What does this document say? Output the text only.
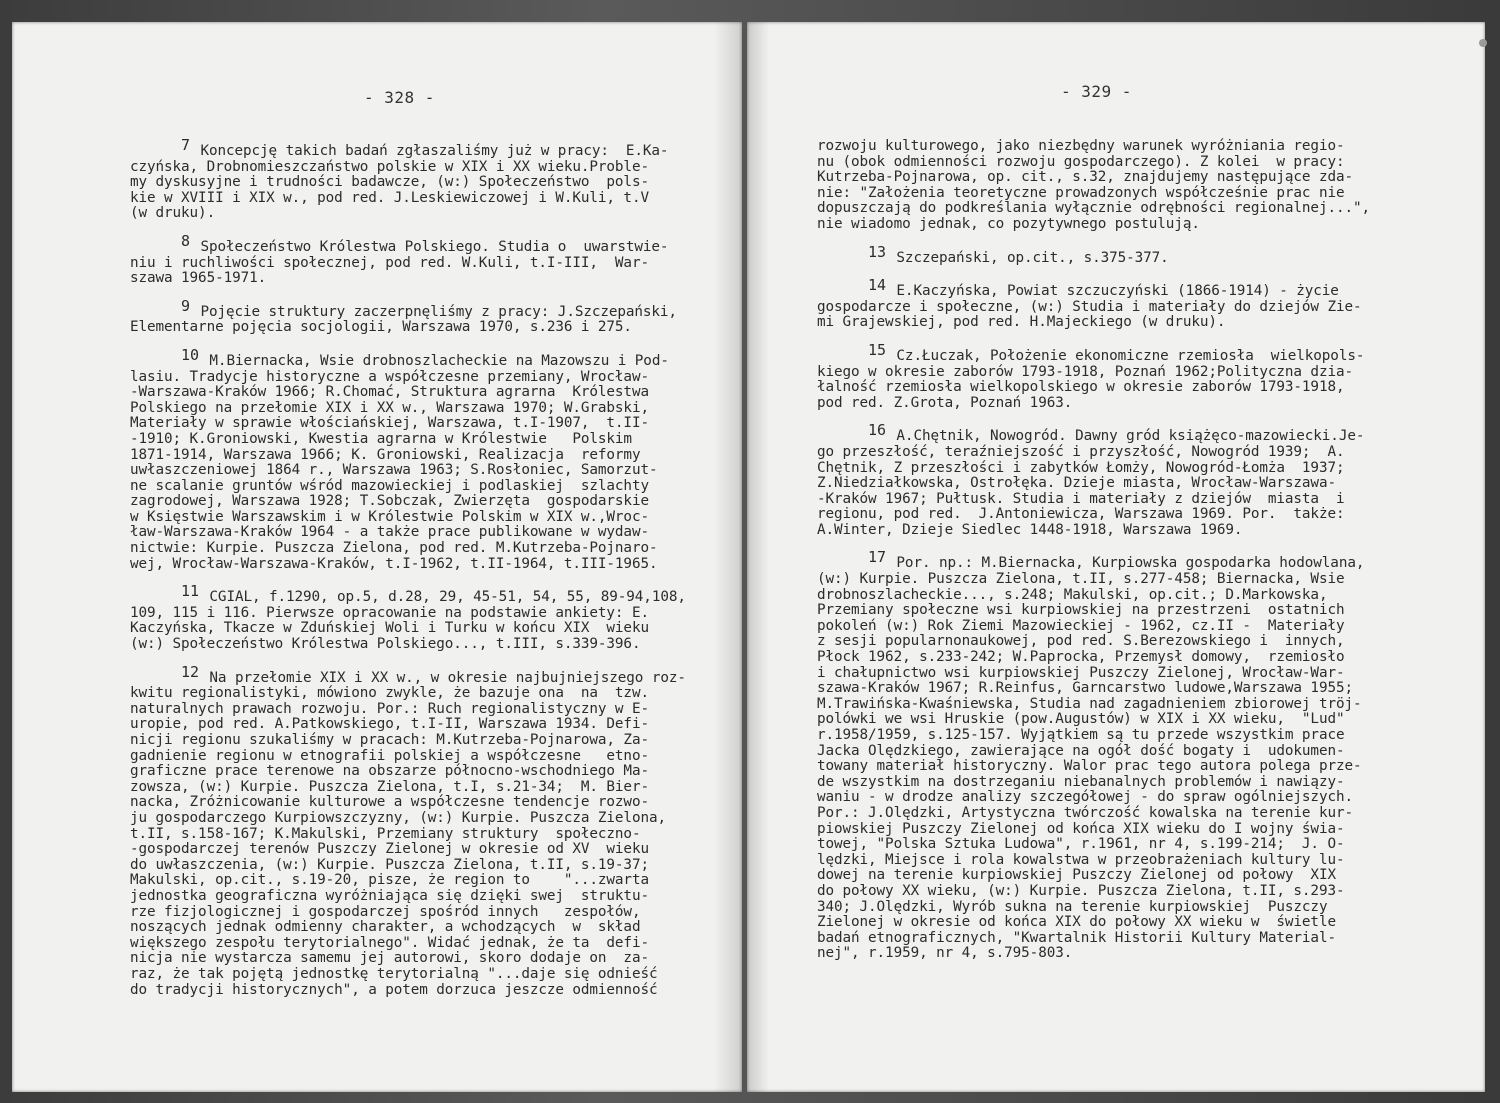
- 328 -
7 Koncepcję takich badań zgłaszaliśmy już w pracy:  E.Ka-
czyńska, Drobnomieszczaństwo polskie w XIX i XX wieku.Proble-
my dyskusyjne i trudności badawcze, (w:) Społeczeństwo  pols-
kie w XVIII i XIX w., pod red. J.Leskiewiczowej i W.Kuli, t.V
(w druku).
8 Społeczeństwo Królestwa Polskiego. Studia o  uwarstwie-
niu i ruchliwości społecznej, pod red. W.Kuli, t.I-III,  War-
szawa 1965-1971.
9 Pojęcie struktury zaczerpnęliśmy z pracy: J.Szczepański,
Elementarne pojęcia socjologii, Warszawa 1970, s.236 i 275.
10 M.Biernacka, Wsie drobnoszlacheckie na Mazowszu i Pod-
lasiu. Tradycje historyczne a współczesne przemiany, Wrocław-
-Warszawa-Kraków 1966; R.Chomać, Struktura agrarna  Królestwa
Polskiego na przełomie XIX i XX w., Warszawa 1970; W.Grabski,
Materiały w sprawie włościańskiej, Warszawa, t.I-1907,  t.II-
-1910; K.Groniowski, Kwestia agrarna w Królestwie   Polskim
1871-1914, Warszawa 1966; K. Groniowski, Realizacja  reformy
uwłaszczeniowej 1864 r., Warszawa 1963; S.Rosłoniec, Samorzut-
ne scalanie gruntów wśród mazowieckiej i podlaskiej  szlachty
zagrodowej, Warszawa 1928; T.Sobczak, Zwierzęta  gospodarskie
w Księstwie Warszawskim i w Królestwie Polskim w XIX w.,Wroc-
ław-Warszawa-Kraków 1964 - a także prace publikowane w wydaw-
nictwie: Kurpie. Puszcza Zielona, pod red. M.Kutrzeba-Pojnaro-
wej, Wrocław-Warszawa-Kraków, t.I-1962, t.II-1964, t.III-1965.
11 CGIAL, f.1290, op.5, d.28, 29, 45-51, 54, 55, 89-94,108,
109, 115 i 116. Pierwsze opracowanie na podstawie ankiety: E.
Kaczyńska, Tkacze w Zduńskiej Woli i Turku w końcu XIX  wieku
(w:) Społeczeństwo Królestwa Polskiego..., t.III, s.339-396.
12 Na przełomie XIX i XX w., w okresie najbujniejszego roz-
kwitu regionalistyki, mówiono zwykle, że bazuje ona  na  tzw.
naturalnych prawach rozwoju. Por.: Ruch regionalistyczny w E-
uropie, pod red. A.Patkowskiego, t.I-II, Warszawa 1934. Defi-
nicji regionu szukaliśmy w pracach: M.Kutrzeba-Pojnarowa, Za-
gadnienie regionu w etnografii polskiej a współczesne   etno-
graficzne prace terenowe na obszarze północno-wschodniego Ma-
zowsza, (w:) Kurpie. Puszcza Zielona, t.I, s.21-34;  M. Bier-
nacka, Zróżnicowanie kulturowe a współczesne tendencje rozwo-
ju gospodarczego Kurpiowszczyzny, (w:) Kurpie. Puszcza Zielona,
t.II, s.158-167; K.Makulski, Przemiany struktury  społeczno-
-gospodarczej terenów Puszczy Zielonej w okresie od XV  wieku
do uwłaszczenia, (w:) Kurpie. Puszcza Zielona, t.II, s.19-37;
Makulski, op.cit., s.19-20, pisze, że region to    "...zwarta
jednostka geograficzna wyróżniająca się dzięki swej  struktu-
rze fizjologicznej i gospodarczej spośród innych   zespołów,
noszących jednak odmienny charakter, a wchodzących  w  skład
większego zespołu terytorialnego". Widać jednak, że ta  defi-
nicja nie wystarcza samemu jej autorowi, skoro dodaje on  za-
raz, że tak pojętą jednostkę terytorialną "...daje się odnieść
do tradycji historycznych", a potem dorzuca jeszcze odmienność
- 329 -
rozwoju kulturowego, jako niezbędny warunek wyróżniania regio-
nu (obok odmienności rozwoju gospodarczego). Z kolei  w pracy:
Kutrzeba-Pojnarowa, op. cit., s.32, znajdujemy następujące zda-
nie: "Założenia teoretyczne prowadzonych współcześnie prac nie
dopuszczają do podkreślania wyłącznie odrębności regionalnej...",
nie wiadomo jednak, co pozytywnego postulują.
13 Szczepański, op.cit., s.375-377.
14 E.Kaczyńska, Powiat szczuczyński (1866-1914) - życie
gospodarcze i społeczne, (w:) Studia i materiały do dziejów Zie-
mi Grajewskiej, pod red. H.Majeckiego (w druku).
15 Cz.Łuczak, Położenie ekonomiczne rzemiosła  wielkopols-
kiego w okresie zaborów 1793-1918, Poznań 1962;Polityczna dzia-
łalność rzemiosła wielkopolskiego w okresie zaborów 1793-1918,
pod red. Z.Grota, Poznań 1963.
16 A.Chętnik, Nowogród. Dawny gród książęco-mazowiecki.Je-
go przeszłość, teraźniejszość i przyszłość, Nowogród 1939;  A.
Chętnik, Z przeszłości i zabytków Łomży, Nowogród-Łomża  1937;
Z.Niedziałkowska, Ostrołęka. Dzieje miasta, Wrocław-Warszawa-
-Kraków 1967; Pułtusk. Studia i materiały z dziejów  miasta  i
regionu, pod red.  J.Antoniewicza, Warszawa 1969. Por.  także:
A.Winter, Dzieje Siedlec 1448-1918, Warszawa 1969.
17 Por. np.: M.Biernacka, Kurpiowska gospodarka hodowlana,
(w:) Kurpie. Puszcza Zielona, t.II, s.277-458; Biernacka, Wsie
drobnoszlacheckie..., s.248; Makulski, op.cit.; D.Markowska,
Przemiany społeczne wsi kurpiowskiej na przestrzeni  ostatnich
pokoleń (w:) Rok Ziemi Mazowieckiej - 1962, cz.II -  Materiały
z sesji popularnonaukowej, pod red. S.Berezowskiego i  innych,
Płock 1962, s.233-242; W.Paprocka, Przemysł domowy,  rzemiosło
i chałupnictwo wsi kurpiowskiej Puszczy Zielonej, Wrocław-War-
szawa-Kraków 1967; R.Reinfus, Garncarstwo ludowe,Warszawa 1955;
M.Trawińska-Kwaśniewska, Studia nad zagadnieniem zbiorowej tröj-
polówki we wsi Hruskie (pow.Augustów) w XIX i XX wieku,  "Lud"
r.1958/1959, s.125-157. Wyjątkiem są tu przede wszystkim prace
Jacka Olędzkiego, zawierające na ogół dość bogaty i  udokumen-
towany materiał historyczny. Walor prac tego autora polega prze-
de wszystkim na dostrzeganiu niebanalnych problemów i nawiązy-
waniu - w drodze analizy szczegółowej - do spraw ogólniejszych.
Por.: J.Olędzki, Artystyczna twórczość kowalska na terenie kur-
piowskiej Puszczy Zielonej od końca XIX wieku do I wojny świa-
towej, "Polska Sztuka Ludowa", r.1961, nr 4, s.199-214;  J. O-
lędzki, Miejsce i rola kowalstwa w przeobrażeniach kultury lu-
dowej na terenie kurpiowskiej Puszczy Zielonej od połowy  XIX
do połowy XX wieku, (w:) Kurpie. Puszcza Zielona, t.II, s.293-
340; J.Olędzki, Wyrób sukna na terenie kurpiowskiej  Puszczy
Zielonej w okresie od końca XIX do połowy XX wieku w  świetle
badań etnograficznych, "Kwartalnik Historii Kultury Material-
nej", r.1959, nr 4, s.795-803.
